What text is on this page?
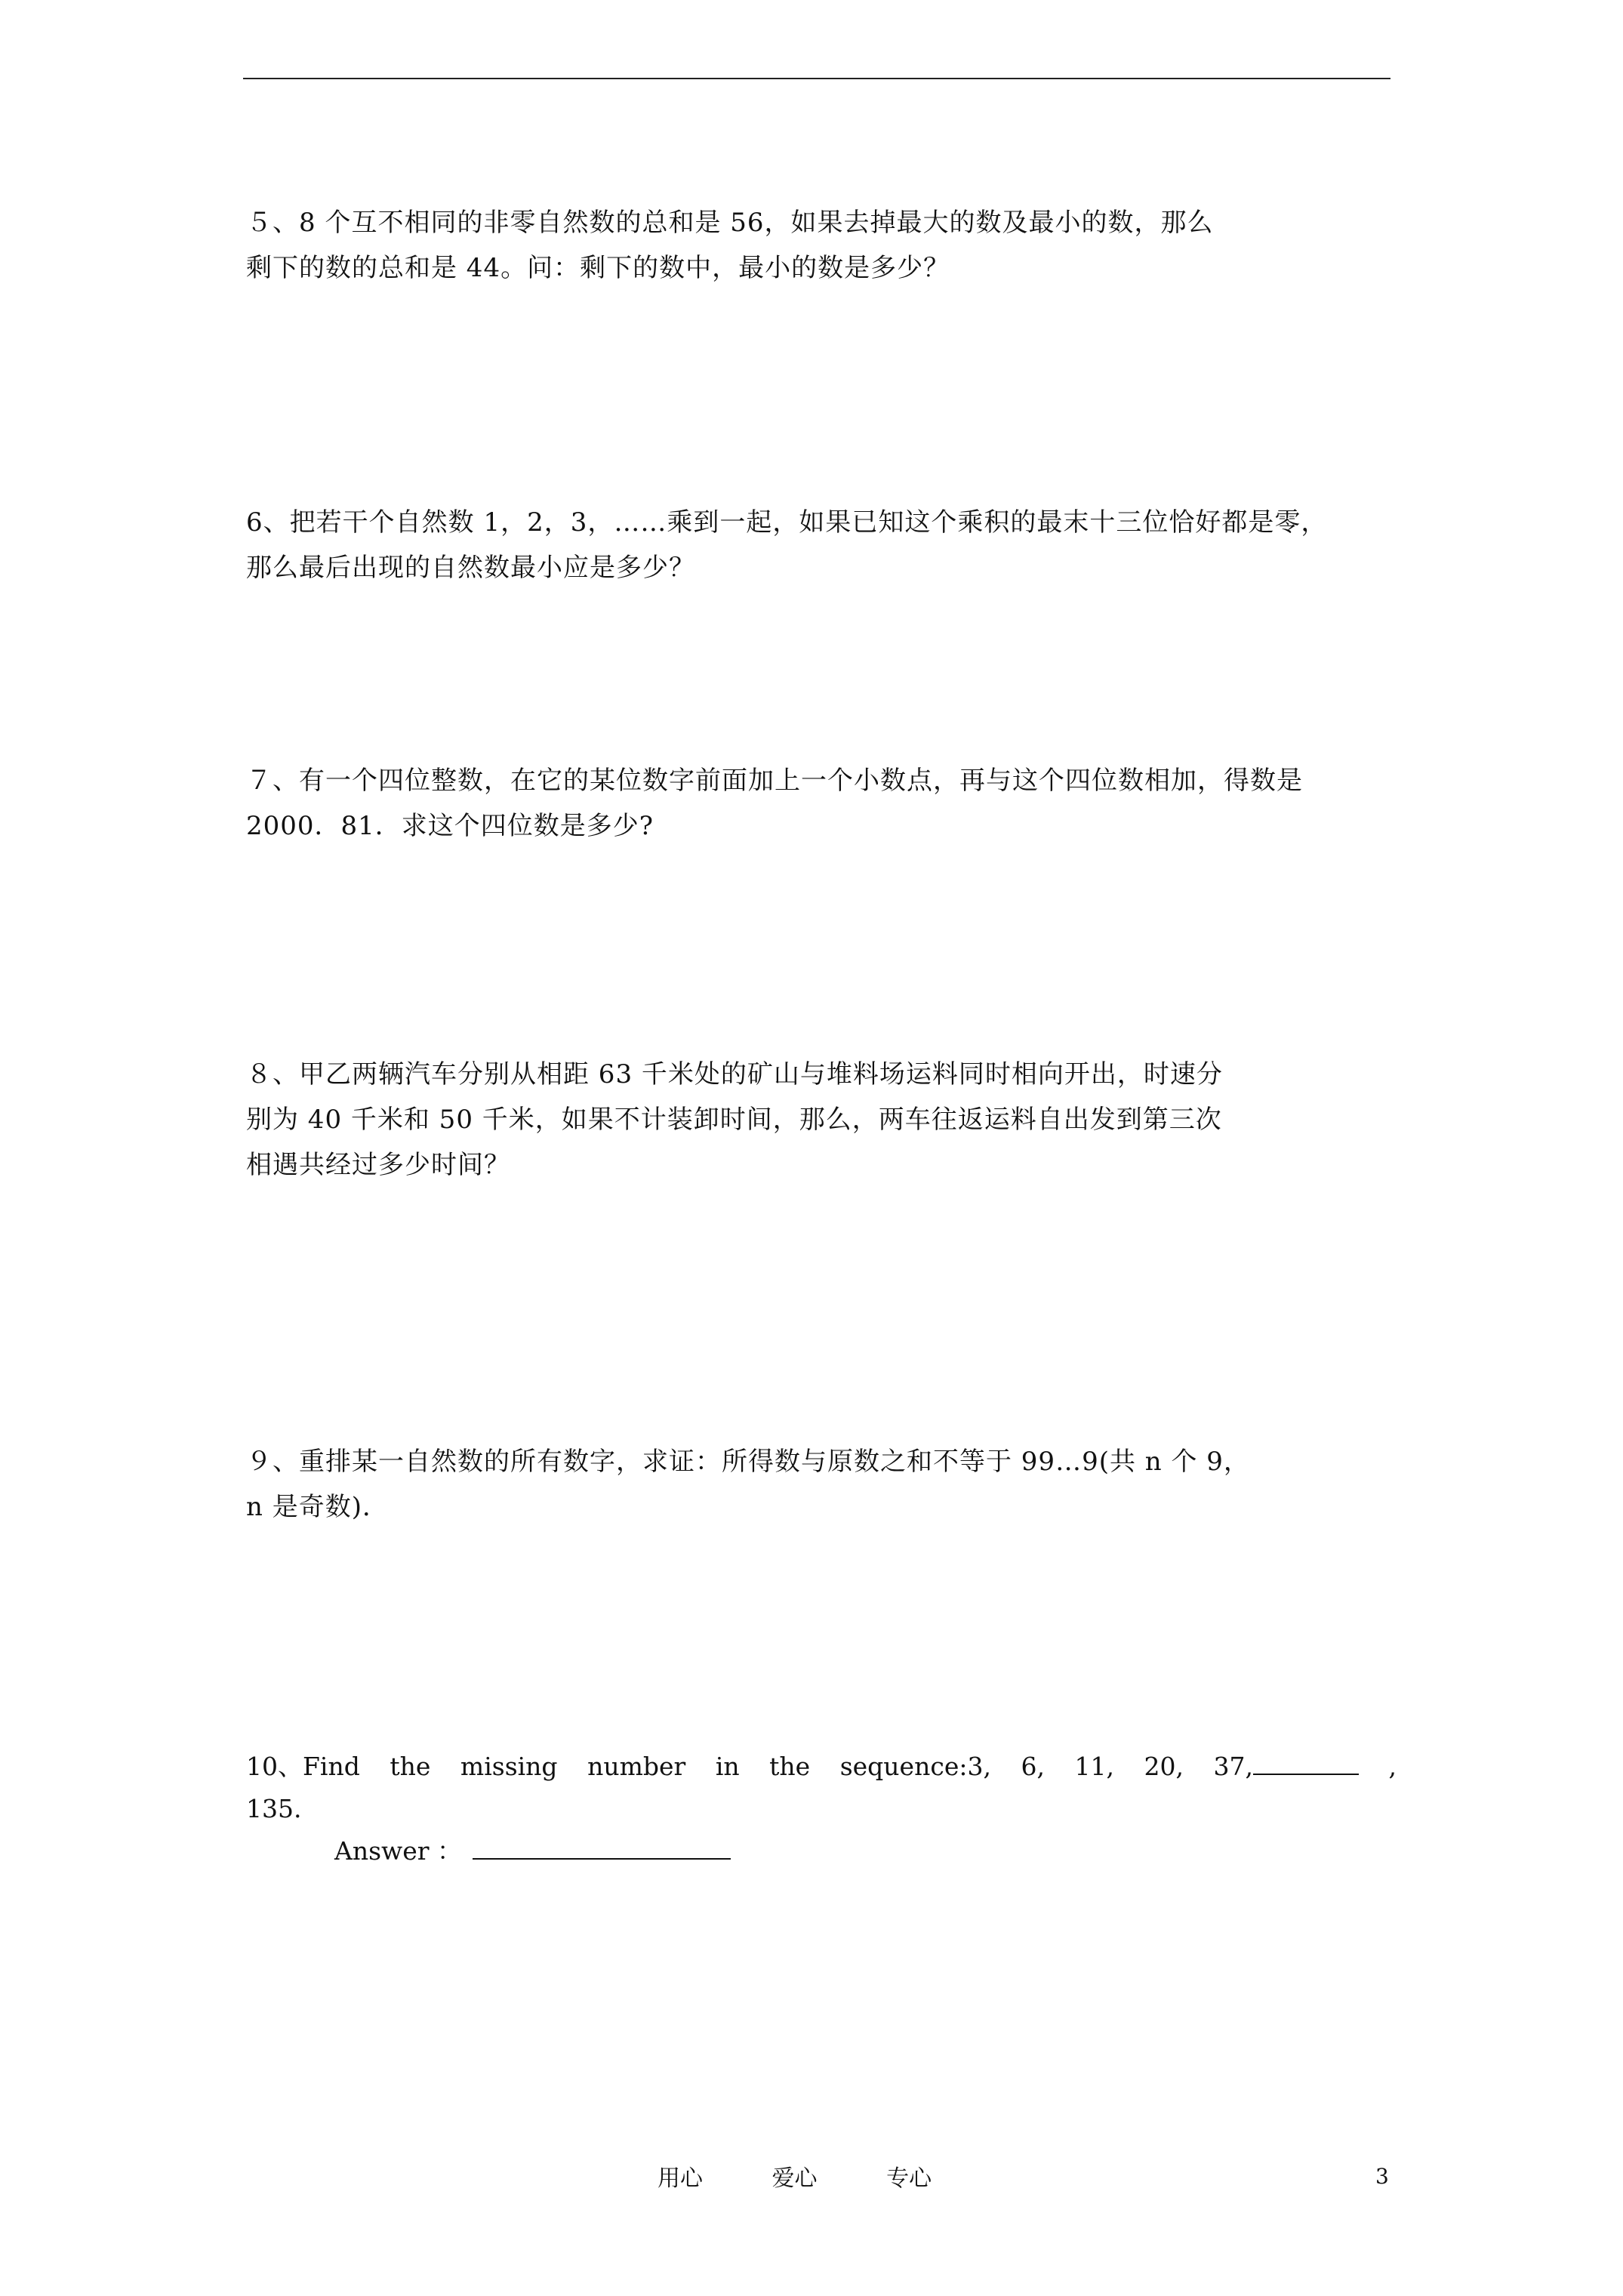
５、8 个互不相同的非零自然数的总和是 56，如果去掉最大的数及最小的数，那么
剩下的数的总和是 44。问：剩下的数中，最小的数是多少？
6、把若干个自然数 1，2，3，……乘到一起，如果已知这个乘积的最末十三位恰好都是零，
那么最后出现的自然数最小应是多少？
７、有一个四位整数，在它的某位数字前面加上一个小数点，再与这个四位数相加，得数是
2000．81．求这个四位数是多少?
８、甲乙两辆汽车分别从相距 63 千米处的矿山与堆料场运料同时相向开出，时速分
别为 40 千米和 50 千米，如果不计装卸时间，那么，两车往返运料自出发到第三次
相遇共经过多少时间？
９、重排某一自然数的所有数字，求证：所得数与原数之和不等于 99…9(共 n 个 9，
n 是奇数)．
10、Find the missing number in the sequence:3, 6, 11, 20, 37,	,
135.
Answer ：
用心	爱心	专心	3
